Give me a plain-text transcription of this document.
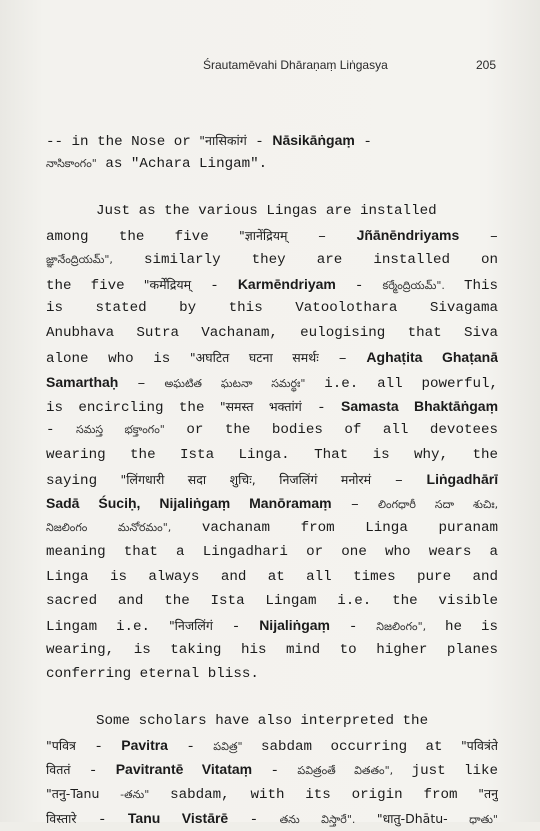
Śrautamēvahi Dhāraṇaṃ Liṅgasya	205
-- in the Nose or "नासिकांगं - Nāsikāṅgaṃ -
నాసికాంగం" as "Achara Lingam".
Just as the various Lingas are installed
among the five "ज्ञानेंद्रियम् – Jñānēndriyams –
జ్ఞానేంద్రియమ్", similarly they are installed on
the five "कर्मेंद्रियम् - Karmēndriyam - కర్మేంద్రియమ్". This
is stated by this Vatoolothara Sivagama
Anubhava Sutra Vachanam, eulogising that Siva
alone who is "अघटित घटना समर्थः – Aghaṭita Ghaṭanā
Samarthaḥ – అఘటిత ఘటనా సమర్థః" i.e. all powerful,
is encircling the "समस्त भक्तांगं - Samasta Bhaktāṅgaṃ
- సమస్త భక్తాంగం" or the bodies of all devotees
wearing the Ista Linga. That is why, the
saying "लिंगधारी सदा शुचिः, निजलिंगं मनोरमं – Liṅgadhārī
Sadā Śuciḥ, Nijaliṅgaṃ Manōramaṃ – లింగధారీ సదా శుచిః,
నిజలింగం	మనోరమం", vachanam from Linga puranam
meaning that a Lingadhari or one who wears a
Linga is always and at all times pure and
sacred and the Ista Lingam i.e. the visible
Lingam i.e. "निजलिंगं - Nijaliṅgaṃ - నిజలింగం", he is
wearing, is taking his mind to higher planes
conferring eternal bliss.
Some scholars have also interpreted the
"पवित्र - Pavitra - పవిత్ర" sabdam occurring at "पवित्रंते
विततं - Pavitrantē Vitataṃ - పవిత్రంతే వితతం", just like
"तनु-Tanu -తను" sabdam, with its origin from "तनु
विस्तारे - Tanu Vistārē - తను విస్తారే". "धातु-Dhātu- ధాతు"
